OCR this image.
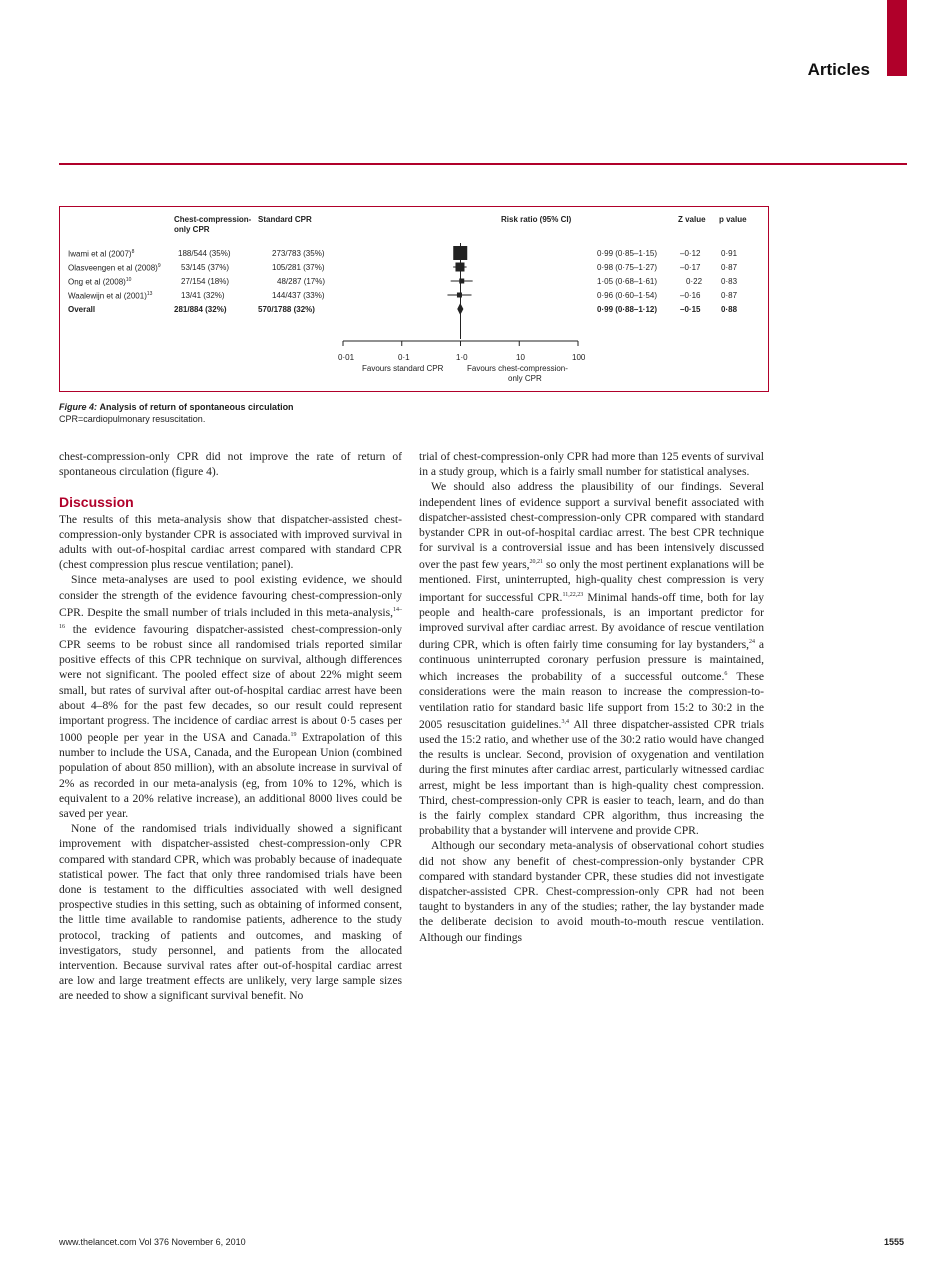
Articles
Chest-compression-
only CPR
Standard CPR	Risk ratio (95% CI)	Z value p value
Iwami et al $(2007)^8$	188/544 (35%)	273/783 (35%)	0·99 (0·85–1·15)	–0·12	0·91
Olasveengen et al $(2008)^9$	53/145 (37%)	105/281 (37%)	0·98 (0·75–1·27)	–0·17	0·87
Ong et al $(2008)^{10}$	27/154 (18%)	48/287 (17%)	1·05 (0·68–1·61)	0·22 0·83
Waalewijn et al $(2001)^{13}$	13/41 (32%)	144/437 (33%)	0·96 (0·60–1·54)	–0·16	0·87
Overall	281/884 (32%)	570/1788 (32%)	0·99 (0·88–1·12)	–0·15	0·88
0·01	0·1	1·0	10	100
Favours standard CPR	Favours chest-compression-
only CPR
Figure 4: Analysis of return of spontaneous circulation
CPR=cardiopulmonary resuscitation.

chest-compression-only CPR did not improve the rate of return of spontaneous circulation (figure 4).

Discussion

The results of this meta-analysis show that dispatcher-assisted chest-compression-only bystander CPR is associated with improved survival in adults with out-of-hospital cardiac arrest compared with standard CPR (chest compression plus rescue ventilation; panel).

Since meta-analyses are used to pool existing evidence, we should consider the strength of the evidence favouring chest-compression-only CPR. Despite the small number of trials included in this meta-analysis,$^{14-16}$ the evidence favouring dispatcher-assisted chest-compression-only CPR seems to be robust since all randomised trials reported similar positive effects of this CPR technique on survival, although differences were not significant. The pooled effect size of about 22% might seem small, but rates of survival after out-of-hospital cardiac arrest have been about 4–8% for the past few decades, so our result could represent important progress. The incidence of cardiac arrest is about 0·5 cases per 1000 people per year in the USA and Canada.$^{19}$ Extrapolation of this number to include the USA, Canada, and the European Union (combined population of about 850 million), with an absolute increase in survival of 2% as recorded in our meta-analysis (eg, from 10% to 12%, which is equivalent to a 20% relative increase), an additional 8000 lives could be saved per year.

None of the randomised trials individually showed a significant improvement with dispatcher-assisted chest-compression-only CPR compared with standard CPR, which was probably because of inadequate statistical power. The fact that only three randomised trials have been done is testament to the difficulties associated with well designed prospective studies in this setting, such as obtaining of informed consent, the little time available to randomise patients, adherence to the study protocol, tracking of patients and outcomes, and masking of investigators, study personnel, and patients from the allocated intervention. Because survival rates after out-of-hospital cardiac arrest are low and large treatment effects are unlikely, very large sample sizes are needed to show a significant survival benefit. No

trial of chest-compression-only CPR had more than 125 events of survival in a study group, which is a fairly small number for statistical analyses.

We should also address the plausibility of our findings. Several independent lines of evidence support a survival benefit associated with dispatcher-assisted chest-compression-only CPR compared with standard bystander CPR in out-of-hospital cardiac arrest. The best CPR technique for survival is a controversial issue and has been intensively discussed over the past few years,$^{20,21}$ so only the most pertinent explanations will be mentioned. First, uninterrupted, high-quality chest compression is very important for successful CPR.$^{11,22,23}$ Minimal hands-off time, both for lay people and health-care professionals, is an important predictor for improved survival after cardiac arrest. By avoidance of rescue ventilation during CPR, which is often fairly time consuming for lay bystanders,$^{24}$ a continuous uninterrupted coronary perfusion pressure is maintained, which increases the probability of a successful outcome.$^6$ These considerations were the main reason to increase the compression-to-ventilation ratio for standard basic life support from 15:2 to 30:2 in the 2005 resuscitation guidelines.$^{3,4}$ All three dispatcher-assisted CPR trials used the 15:2 ratio, and whether use of the 30:2 ratio would have changed the results is unclear. Second, provision of oxygenation and ventilation during the first minutes after cardiac arrest, particularly witnessed cardiac arrest, might be less important than is high-quality chest compression. Third, chest-compression-only CPR is easier to teach, learn, and do than is the fairly complex standard CPR algorithm, thus increasing the probability that a bystander will intervene and provide CPR.

Although our secondary meta-analysis of observational cohort studies did not show any benefit of chest-compression-only bystander CPR compared with standard bystander CPR, these studies did not investigate dispatcher-assisted CPR. Chest-compression-only CPR had not been taught to bystanders in any of the studies; rather, the lay bystander made the deliberate decision to avoid mouth-to-mouth rescue ventilation. Although our findings

www.thelancet.com Vol 376 November 6, 2010	1555
